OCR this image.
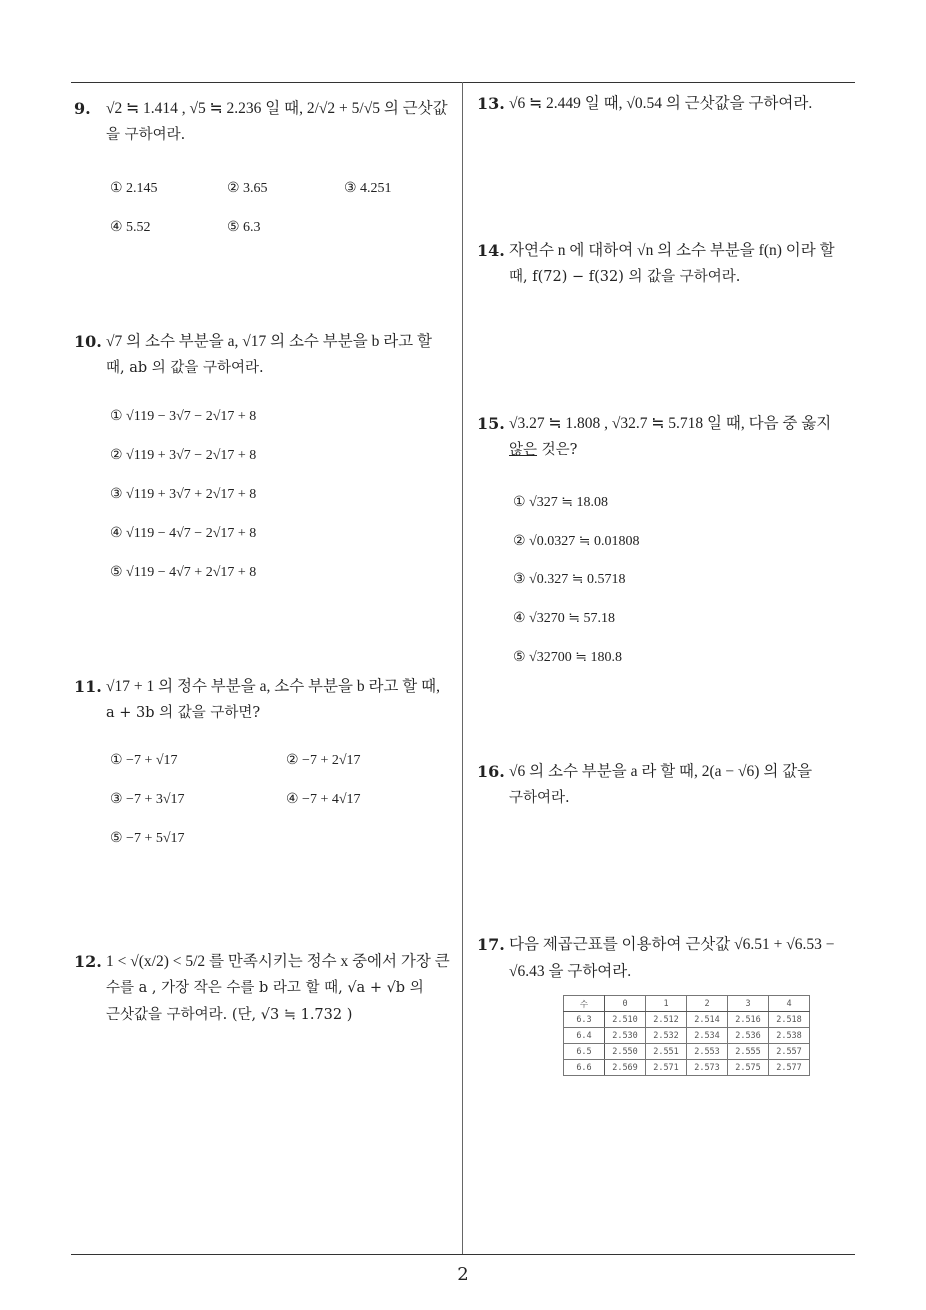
9. √2 ≒ 1.414 , √5 ≒ 2.236 일 때, 2/√2 + 5/√5 의 근삿값
을 구하여라.
① 2.145	② 3.65	③ 4.251
④ 5.52	⑤ 6.3
10. √7 의 소수 부분을 a, √17 의 소수 부분을 b 라고 할
때, ab 의 값을 구하여라.
① √119 − 3√7 − 2√17 + 8
② √119 + 3√7 − 2√17 + 8
③ √119 + 3√7 + 2√17 + 8
④ √119 − 4√7 − 2√17 + 8
⑤ √119 − 4√7 + 2√17 + 8
11. √17 + 1 의 정수 부분을 a, 소수 부분을 b 라고 할 때,
a + 3b 의 값을 구하면?
① −7 + √17	② −7 + 2√17
③ −7 + 3√17	④ −7 + 4√17
⑤ −7 + 5√17
12. 1 < √(x/2) < 5/2 를 만족시키는 정수 x 중에서 가장 큰
수를 a , 가장 작은 수를 b 라고 할 때, √a + √b 의
근삿값을 구하여라. (단, √3 ≒ 1.732 )
13. √6 ≒ 2.449 일 때, √0.54 의 근삿값을 구하여라.
14. 자연수 n 에 대하여 √n 의 소수 부분을 f(n) 이라 할
때, f(72) − f(32) 의 값을 구하여라.
15. √3.27 ≒ 1.808 , √32.7 ≒ 5.718 일 때, 다음 중 옳지
않은 것은?
① √327 ≒ 18.08
② √0.0327 ≒ 0.01808
③ √0.327 ≒ 0.5718
④ √3270 ≒ 57.18
⑤ √32700 ≒ 180.8
16. √6 의 소수 부분을 a 라 할 때, 2(a − √6) 의 값을
구하여라.
17. 다음 제곱근표를 이용하여 근삿값 √6.51 + √6.53 −
√6.43 을 구하여라.
수	0	1	2	3	4
6.3	2.510	2.512	2.514	2.516	2.518
6.4	2.530	2.532	2.534	2.536	2.538
6.5	2.550	2.551	2.553	2.555	2.557
6.6	2.569	2.571	2.573	2.575	2.577
2
